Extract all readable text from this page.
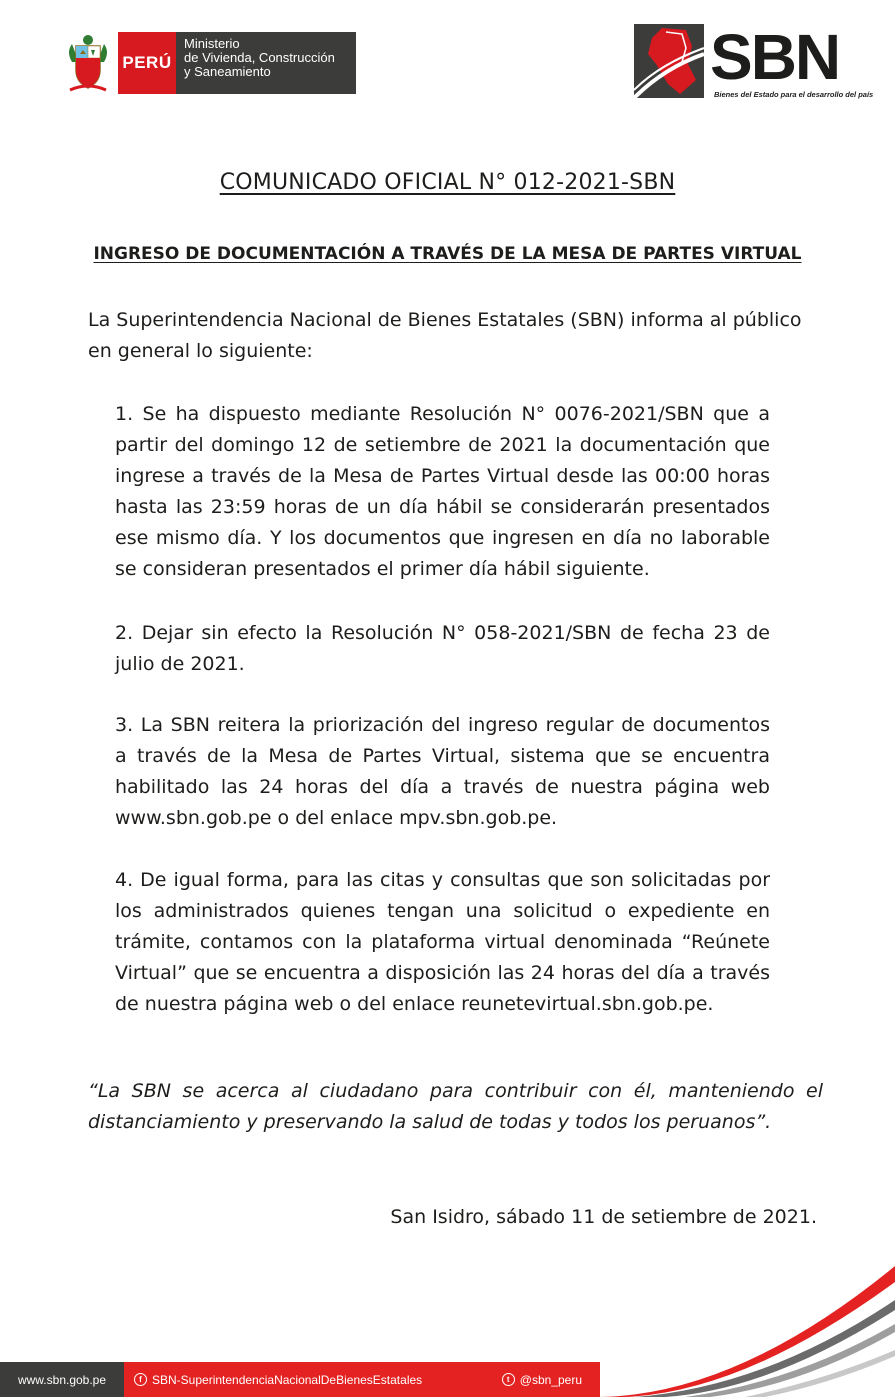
PERÚ
Ministerio
de Vivienda, Construcción
y Saneamiento	SBN
Bienes del Estado para el desarrollo del país
COMUNICADO OFICIAL N° 012-2021-SBN
INGRESO DE DOCUMENTACIÓN A TRAVÉS DE LA MESA DE PARTES VIRTUAL

La Superintendencia Nacional de Bienes Estatales (SBN) informa al público en general lo siguiente:

1. Se ha dispuesto mediante Resolución N° 0076-2021/SBN que a partir del domingo 12 de setiembre de 2021 la documentación que ingrese a través de la Mesa de Partes Virtual desde las 00:00 horas hasta las 23:59 horas de un día hábil se considerarán presentados ese mismo día. Y los documentos que ingresen en día no laborable se consideran presentados el primer día hábil siguiente.

2. Dejar sin efecto la Resolución N° 058-2021/SBN de fecha 23 de julio de 2021.

3. La SBN reitera la priorización del ingreso regular de documentos a través de la Mesa de Partes Virtual, sistema que se encuentra habilitado las 24 horas del día a través de nuestra página web www.sbn.gob.pe o del enlace mpv.sbn.gob.pe.

4. De igual forma, para las citas y consultas que son solicitadas por los administrados quienes tengan una solicitud o expediente en trámite, contamos con la plataforma virtual denominada “Reúnete Virtual” que se encuentra a disposición las 24 horas del día a través de nuestra página web o del enlace reunetevirtual.sbn.gob.pe.

“La SBN se acerca al ciudadano para contribuir con él, manteniendo el distanciamiento y preservando la salud de todas y todos los peruanos”.

San Isidro, sábado 11 de setiembre de 2021.

www.sbn.gob.pe	f SBN-SuperintendenciaNacionalDeBienesEstatales	t @sbn_peru
